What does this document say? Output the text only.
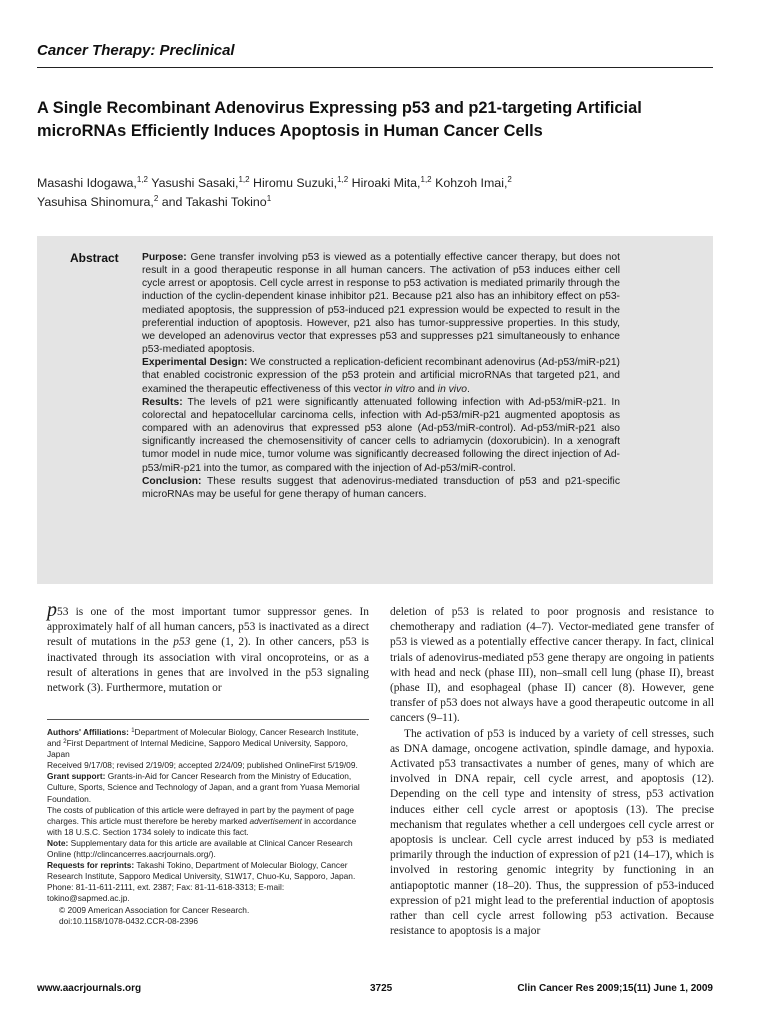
Cancer Therapy: Preclinical
A Single Recombinant Adenovirus Expressing p53 and p21-targeting Artificial microRNAs Efficiently Induces Apoptosis in Human Cancer Cells
Masashi Idogawa,$^{1,2}$ Yasushi Sasaki,$^{1,2}$ Hiromu Suzuki,$^{1,2}$ Hiroaki Mita,$^{1,2}$ Kohzoh Imai,$^2$
Yasuhisa Shinomura,$^2$ and Takashi Tokino$^1$
Abstract Purpose: Gene transfer involving p53 is viewed as a potentially effective cancer therapy, but does not result in a good therapeutic response in all human cancers. The activation of p53 induces either cell cycle arrest or apoptosis. Cell cycle arrest in response to p53 activation is mediated primarily through the induction of the cyclin-dependent kinase inhibitor p21. Because p21 also has an inhibitory effect on p53-mediated apoptosis, the suppression of p53-induced p21 expression would be expected to result in the preferential induction of apoptosis. However, p21 also has tumor-suppressive properties. In this study, we developed an adenovirus vector that expresses p53 and suppresses p21 simultaneously to enhance p53-mediated apoptosis.

Experimental Design: We constructed a replication-deficient recombinant adenovirus (Ad-p53/miR-p21) that enabled cocistronic expression of the p53 protein and artificial microRNAs that targeted p21, and examined the therapeutic effectiveness of this vector in vitro and in vivo.

Results: The levels of p21 were significantly attenuated following infection with Ad-p53/miR-p21. In colorectal and hepatocellular carcinoma cells, infection with Ad-p53/miR-p21 augmented apoptosis as compared with an adenovirus that expressed p53 alone (Ad-p53/miR-control). Ad-p53/miR-p21 also significantly increased the chemosensitivity of cancer cells to adriamycin (doxorubicin). In a xenograft tumor model in nude mice, tumor volume was significantly decreased following the direct injection of Ad-p53/miR-p21 into the tumor, as compared with the injection of Ad-p53/miR-control.

Conclusion: These results suggest that adenovirus-mediated transduction of p53 and p21-specific microRNAs may be useful for gene therapy of human cancers.

p53 is one of the most important tumor suppressor genes. In approximately half of all human cancers, p53 is inactivated as a direct result of mutations in the p53 gene (1, 2). In other cancers, p53 is inactivated through its association with viral oncoproteins, or as a result of alterations in genes that are involved in the p53 signaling network (3). Furthermore, mutation or

Authors' Affiliations: $^1$Department of Molecular Biology, Cancer Research Institute, and $^2$First Department of Internal Medicine, Sapporo Medical University, Sapporo, Japan

Received 9/17/08; revised 2/19/09; accepted 2/24/09; published OnlineFirst 5/19/09.

Grant support: Grants-in-Aid for Cancer Research from the Ministry of Education, Culture, Sports, Science and Technology of Japan, and a grant from Yuasa Memorial Foundation.

The costs of publication of this article were defrayed in part by the payment of page charges. This article must therefore be hereby marked advertisement in accordance with 18 U.S.C. Section 1734 solely to indicate this fact.

Note: Supplementary data for this article are available at Clinical Cancer Research Online (http://clincancerres.aacrjournals.org/).

Requests for reprints: Takashi Tokino, Department of Molecular Biology, Cancer Research Institute, Sapporo Medical University, S1W17, Chuo-Ku, Sapporo, Japan. Phone: 81-11-611-2111, ext. 2387; Fax: 81-11-618-3313; E-mail: tokino@sapmed.ac.jp.

© 2009 American Association for Cancer Research.

doi:10.1158/1078-0432.CCR-08-2396

deletion of p53 is related to poor prognosis and resistance to chemotherapy and radiation (4–7). Vector-mediated gene transfer of p53 is viewed as a potentially effective cancer therapy. In fact, clinical trials of adenovirus-mediated p53 gene therapy are ongoing in patients with head and neck (phase III), non–small cell lung (phase II), breast (phase II), and esophageal (phase II) cancer (8). However, gene transfer of p53 does not always have a good therapeutic outcome in all cancers (9–11).

The activation of p53 is induced by a variety of cell stresses, such as DNA damage, oncogene activation, spindle damage, and hypoxia. Activated p53 transactivates a number of genes, many of which are involved in DNA repair, cell cycle arrest, and apoptosis (12). Depending on the cell type and intensity of stress, p53 activation induces either cell cycle arrest or apoptosis (13). The precise mechanism that regulates whether a cell undergoes cell cycle arrest or apoptosis is unclear. Cell cycle arrest induced by p53 is mediated primarily through the induction of expression of p21 (14–17), which is involved in restoring genomic integrity by functioning in an antiapoptotic manner (18–20). Thus, the suppression of p53-induced expression of p21 might lead to the preferential induction of apoptosis rather than cell cycle arrest following p53 activation. Because resistance to apoptosis is a major

www.aacrjournals.org	3725	Clin Cancer Res 2009;15(11) June 1, 2009
